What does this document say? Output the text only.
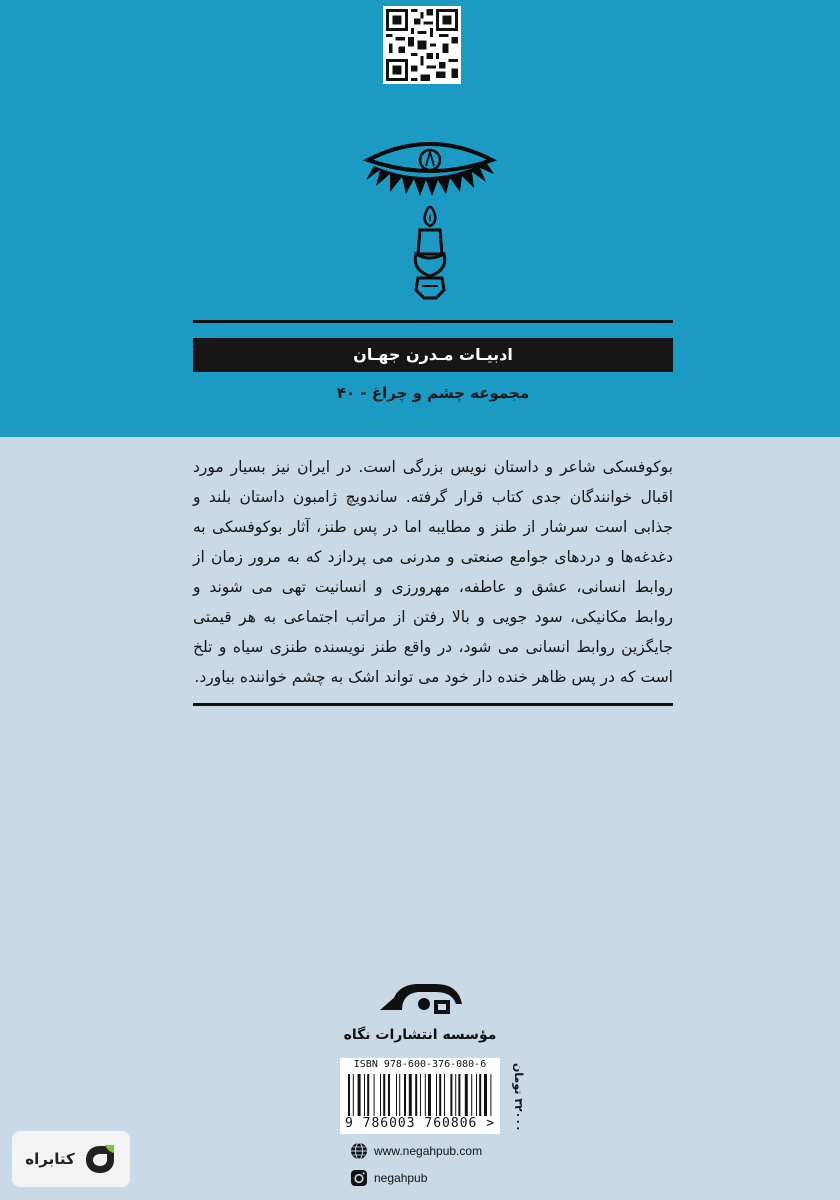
ادبیـات مـدرن جهـان
مجموعه چشم و چراغ - ۴۰

بوکوفسکی شاعر و داستان نویس بزرگی است. در ایران نیز بسیار مورد اقبال خوانندگان جدی کتاب قرار گرفته. ساندویچ ژامبون داستان بلند و جذابی است سرشار از طنز و مطایبه اما در پس طنز، آثار بوکوفسکی به دغدغه‌ها و دردهای جوامع صنعتی و مدرنی می پردازد که به مرور زمان از روابط انسانی، عشق و عاطفه، مهرورزی و انسانیت تهی می شوند و روابط مکانیکی، سود جویی و بالا رفتن از مراتب اجتماعی به هر قیمتی جایگزین روابط انسانی می شود، در واقع طنز نویسنده طنزی سیاه و تلخ است که در پس ظاهر خنده دار خود می تواند اشک به چشم خواننده بیاورد.

مؤسسه انتشارات نگاه
ISBN 978-600-376-080-6
9 786003 760806 >
۳۲۰۰۰ تومان
www.negahpub.com
negahpub
کتابراه
